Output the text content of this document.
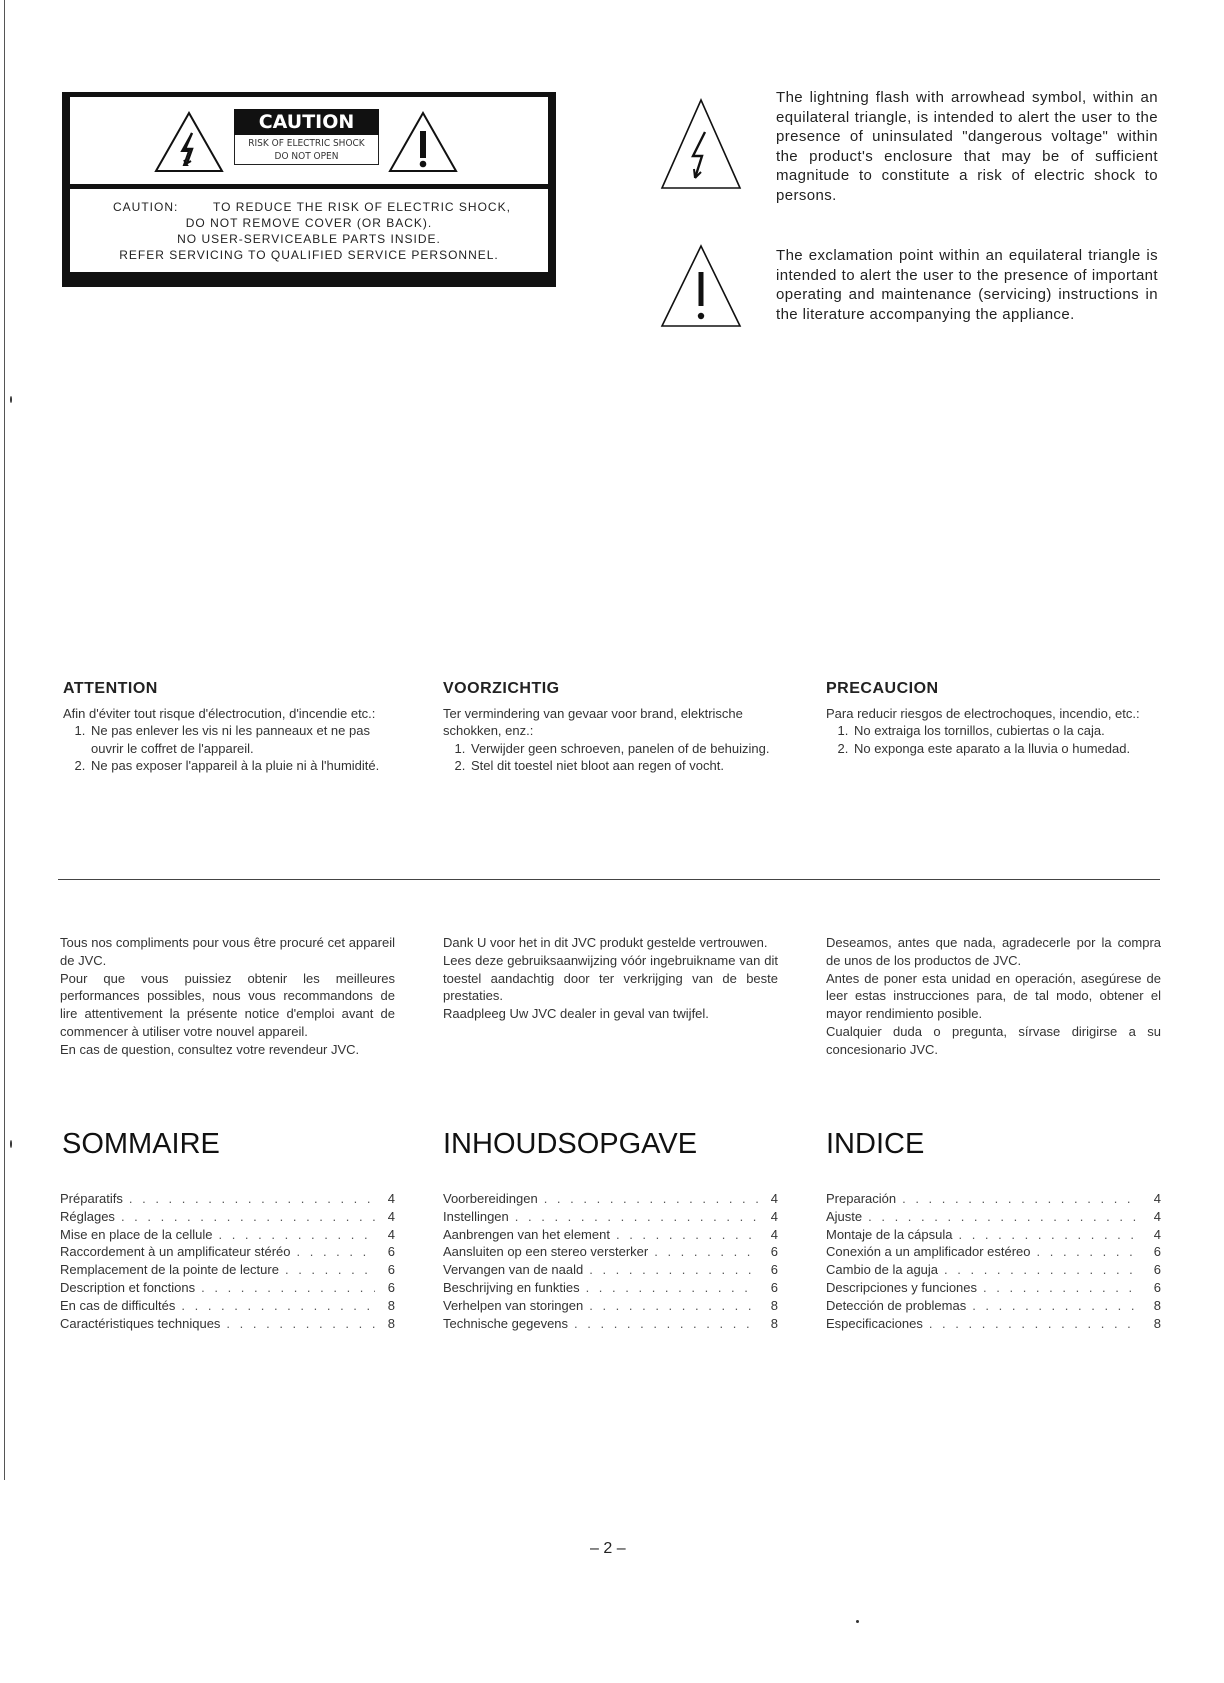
CAUTION
RISK OF ELECTRIC SHOCK
DO NOT OPEN
CAUTION:	TO REDUCE THE RISK OF ELECTRIC SHOCK,
DO NOT REMOVE COVER (OR BACK).
NO USER-SERVICEABLE PARTS INSIDE.
REFER SERVICING TO QUALIFIED SERVICE PERSONNEL.
The lightning flash with arrowhead symbol, within an equilateral triangle, is intended to alert the user to the presence of uninsulated "dangerous voltage" within the product's enclosure that may be of sufficient magnitude to constitute a risk of electric shock to persons.
The exclamation point within an equilateral triangle is intended to alert the user to the presence of important operating and maintenance (servicing) instructions in the literature accompanying the appliance.
ATTENTION

Afin d'éviter tout risque d'électrocution, d'incendie etc.:

1. Ne pas enlever les vis ni les panneaux et ne pas ouvrir le coffret de l'appareil.
2. Ne pas exposer l'appareil à la pluie ni à l'humidité.
VOORZICHTIG

Ter vermindering van gevaar voor brand, elektrische schokken, enz.:

1. Verwijder geen schroeven, panelen of de behuizing.
2. Stel dit toestel niet bloot aan regen of vocht.
PRECAUCION

Para reducir riesgos de electrochoques, incendio, etc.:

1. No extraiga los tornillos, cubiertas o la caja.
2. No exponga este aparato a la lluvia o humedad.

Tous nos compliments pour vous être procuré cet appareil de JVC.

Pour que vous puissiez obtenir les meilleures performances possibles, nous vous recommandons de lire attentivement la présente notice d'emploi avant de commencer à utiliser votre nouvel appareil.

En cas de question, consultez votre revendeur JVC.

Dank U voor het in dit JVC produkt gestelde vertrouwen.

Lees deze gebruiksaanwijzing vóór ingebruikname van dit toestel aandachtig door ter verkrijging van de beste prestaties.

Raadpleeg Uw JVC dealer in geval van twijfel.

Deseamos, antes que nada, agradecerle por la compra de unos de los productos de JVC.

Antes de poner esta unidad en operación, asegúrese de leer estas instrucciones para, de tal modo, obtener el mayor rendimiento posible.

Cualquier duda o pregunta, sírvase dirigirse a su concesionario JVC.

SOMMAIRE	INHOUDSOPGAVE	INDICE
Préparatifs . . .	4
Réglages . . .	4
Mise en place de la cellule . . .	4
Raccordement à un amplificateur stéréo . . .	6
Remplacement de la pointe de lecture . . .	6
Description et fonctions . . .	6
En cas de difficultés . . .	8
Caractéristiques techniques . . .	8
Voorbereidingen . . .	4
Instellingen . . .	4
Aanbrengen van het element . . .	4
Aansluiten op een stereo versterker . . .	6
Vervangen van de naald . . .	6
Beschrijving en funkties . . .	6
Verhelpen van storingen . . .	8
Technische gegevens . . .	8
Preparación . . .	4
Ajuste . . .	4
Montaje de la cápsula . . .	4
Conexión a un amplificador estéreo . . .	6
Cambio de la aguja . . .	6
Descripciones y funciones . . .	6
Detección de problemas . . .	8
Especificaciones . . .	8
– 2 –
